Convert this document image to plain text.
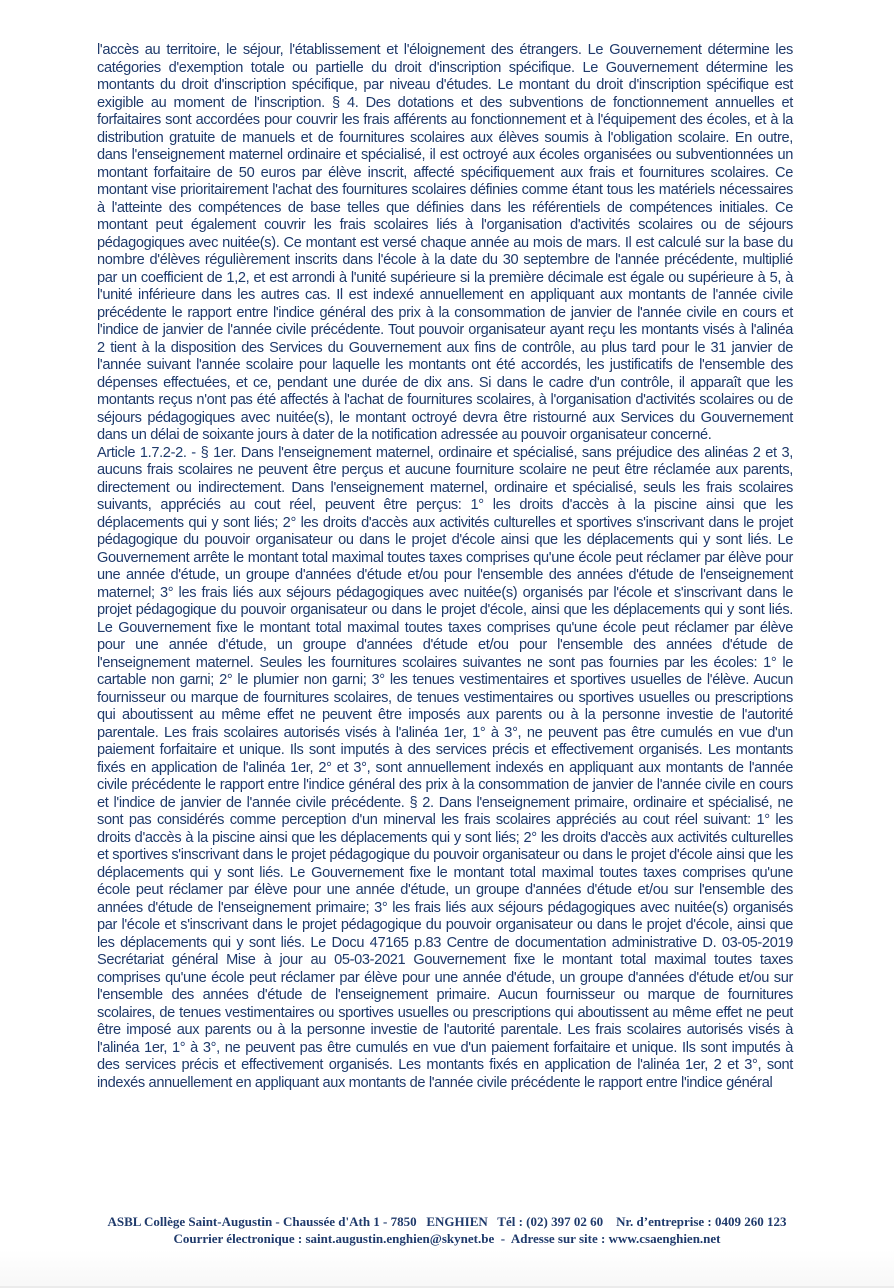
l'accès au territoire, le séjour, l'établissement et l'éloignement des étrangers. Le Gouvernement détermine les catégories d'exemption totale ou partielle du droit d'inscription spécifique. Le Gouvernement détermine les montants du droit d'inscription spécifique, par niveau d'études. Le montant du droit d'inscription spécifique est exigible au moment de l'inscription. § 4. Des dotations et des subventions de fonctionnement annuelles et forfaitaires sont accordées pour couvrir les frais afférents au fonctionnement et à l'équipement des écoles, et à la distribution gratuite de manuels et de fournitures scolaires aux élèves soumis à l'obligation scolaire. En outre, dans l'enseignement maternel ordinaire et spécialisé, il est octroyé aux écoles organisées ou subventionnées un montant forfaitaire de 50 euros par élève inscrit, affecté spécifiquement aux frais et fournitures scolaires. Ce montant vise prioritairement l'achat des fournitures scolaires définies comme étant tous les matériels nécessaires à l'atteinte des compétences de base telles que définies dans les référentiels de compétences initiales. Ce montant peut également couvrir les frais scolaires liés à l'organisation d'activités scolaires ou de séjours pédagogiques avec nuitée(s). Ce montant est versé chaque année au mois de mars. Il est calculé sur la base du nombre d'élèves régulièrement inscrits dans l'école à la date du 30 septembre de l'année précédente, multiplié par un coefficient de 1,2, et est arrondi à l'unité supérieure si la première décimale est égale ou supérieure à 5, à l'unité inférieure dans les autres cas. Il est indexé annuellement en appliquant aux montants de l'année civile précédente le rapport entre l'indice général des prix à la consommation de janvier de l'année civile en cours et l'indice de janvier de l'année civile précédente. Tout pouvoir organisateur ayant reçu les montants visés à l'alinéa 2 tient à la disposition des Services du Gouvernement aux fins de contrôle, au plus tard pour le 31 janvier de l'année suivant l'année scolaire pour laquelle les montants ont été accordés, les justificatifs de l'ensemble des dépenses effectuées, et ce, pendant une durée de dix ans. Si dans le cadre d'un contrôle, il apparaît que les montants reçus n'ont pas été affectés à l'achat de fournitures scolaires, à l'organisation d'activités scolaires ou de séjours pédagogiques avec nuitée(s), le montant octroyé devra être ristourné aux Services du Gouvernement dans un délai de soixante jours à dater de la notification adressée au pouvoir organisateur concerné.

Article 1.7.2-2. - § 1er. Dans l'enseignement maternel, ordinaire et spécialisé, sans préjudice des alinéas 2 et 3, aucuns frais scolaires ne peuvent être perçus et aucune fourniture scolaire ne peut être réclamée aux parents, directement ou indirectement. Dans l'enseignement maternel, ordinaire et spécialisé, seuls les frais scolaires suivants, appréciés au cout réel, peuvent être perçus: 1° les droits d'accès à la piscine ainsi que les déplacements qui y sont liés; 2° les droits d'accès aux activités culturelles et sportives s'inscrivant dans le projet pédagogique du pouvoir organisateur ou dans le projet d'école ainsi que les déplacements qui y sont liés. Le Gouvernement arrête le montant total maximal toutes taxes comprises qu'une école peut réclamer par élève pour une année d'étude, un groupe d'années d'étude et/ou pour l'ensemble des années d'étude de l'enseignement maternel; 3° les frais liés aux séjours pédagogiques avec nuitée(s) organisés par l'école et s'inscrivant dans le projet pédagogique du pouvoir organisateur ou dans le projet d'école, ainsi que les déplacements qui y sont liés. Le Gouvernement fixe le montant total maximal toutes taxes comprises qu'une école peut réclamer par élève pour une année d'étude, un groupe d'années d'étude et/ou pour l'ensemble des années d'étude de l'enseignement maternel. Seules les fournitures scolaires suivantes ne sont pas fournies par les écoles: 1° le cartable non garni; 2° le plumier non garni; 3° les tenues vestimentaires et sportives usuelles de l'élève. Aucun fournisseur ou marque de fournitures scolaires, de tenues vestimentaires ou sportives usuelles ou prescriptions qui aboutissent au même effet ne peuvent être imposés aux parents ou à la personne investie de l'autorité parentale. Les frais scolaires autorisés visés à l'alinéa 1er, 1° à 3°, ne peuvent pas être cumulés en vue d'un paiement forfaitaire et unique. Ils sont imputés à des services précis et effectivement organisés. Les montants fixés en application de l'alinéa 1er, 2° et 3°, sont annuellement indexés en appliquant aux montants de l'année civile précédente le rapport entre l'indice général des prix à la consommation de janvier de l'année civile en cours et l'indice de janvier de l'année civile précédente. § 2. Dans l'enseignement primaire, ordinaire et spécialisé, ne sont pas considérés comme perception d'un minerval les frais scolaires appréciés au cout réel suivant: 1° les droits d'accès à la piscine ainsi que les déplacements qui y sont liés; 2° les droits d'accès aux activités culturelles et sportives s'inscrivant dans le projet pédagogique du pouvoir organisateur ou dans le projet d'école ainsi que les déplacements qui y sont liés. Le Gouvernement fixe le montant total maximal toutes taxes comprises qu'une école peut réclamer par élève pour une année d'étude, un groupe d'années d'étude et/ou sur l'ensemble des années d'étude de l'enseignement primaire; 3° les frais liés aux séjours pédagogiques avec nuitée(s) organisés par l'école et s'inscrivant dans le projet pédagogique du pouvoir organisateur ou dans le projet d'école, ainsi que les déplacements qui y sont liés. Le Docu 47165 p.83 Centre de documentation administrative D. 03-05-2019 Secrétariat général Mise à jour au 05-03-2021 Gouvernement fixe le montant total maximal toutes taxes comprises qu'une école peut réclamer par élève pour une année d'étude, un groupe d'années d'étude et/ou sur l'ensemble des années d'étude de l'enseignement primaire. Aucun fournisseur ou marque de fournitures scolaires, de tenues vestimentaires ou sportives usuelles ou prescriptions qui aboutissent au même effet ne peut être imposé aux parents ou à la personne investie de l'autorité parentale. Les frais scolaires autorisés visés à l'alinéa 1er, 1° à 3°, ne peuvent pas être cumulés en vue d'un paiement forfaitaire et unique. Ils sont imputés à des services précis et effectivement organisés. Les montants fixés en application de l'alinéa 1er, 2 et 3°, sont indexés annuellement en appliquant aux montants de l'année civile précédente le rapport entre l'indice général

ASBL Collège Saint-Augustin - Chaussée d'Ath 1 - 7850   ENGHIEN   Tél : (02) 397 02 60    Nr. d’entreprise : 0409 260 123
Courrier électronique : saint.augustin.enghien@skynet.be  -  Adresse sur site : www.csaenghien.net
